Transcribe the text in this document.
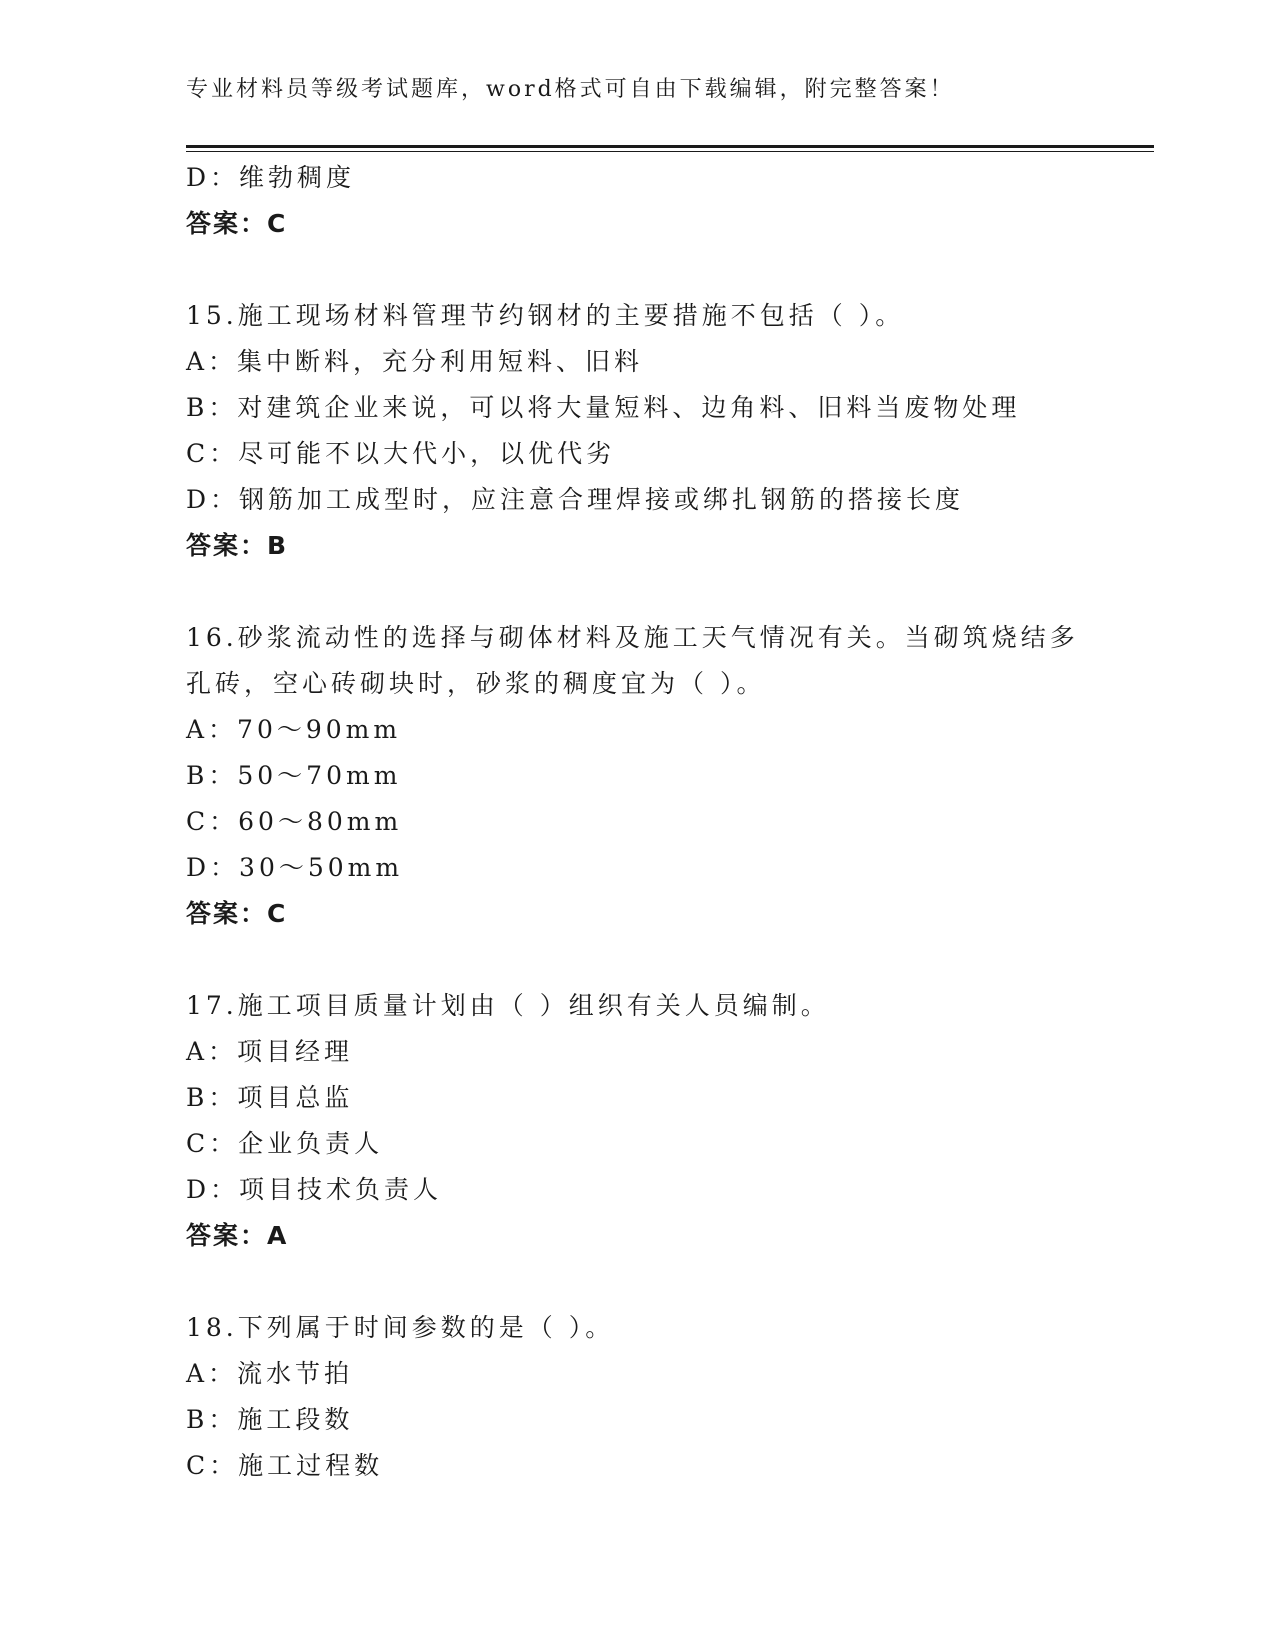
专业材料员等级考试题库，word格式可自由下载编辑，附完整答案！
D：维勃稠度
答案：C
15.施工现场材料管理节约钢材的主要措施不包括（ ）。
A：集中断料，充分利用短料、旧料
B：对建筑企业来说，可以将大量短料、边角料、旧料当废物处理
C：尽可能不以大代小，以优代劣
D：钢筋加工成型时，应注意合理焊接或绑扎钢筋的搭接长度
答案：B
16.砂浆流动性的选择与砌体材料及施工天气情况有关。当砌筑烧结多
孔砖，空心砖砌块时，砂浆的稠度宜为（ ）。
A：70～90mm
B：50～70mm
C：60～80mm
D：30～50mm
答案：C
17.施工项目质量计划由（ ）组织有关人员编制。
A：项目经理
B：项目总监
C：企业负责人
D：项目技术负责人
答案：A
18.下列属于时间参数的是（ ）。
A：流水节拍
B：施工段数
C：施工过程数
